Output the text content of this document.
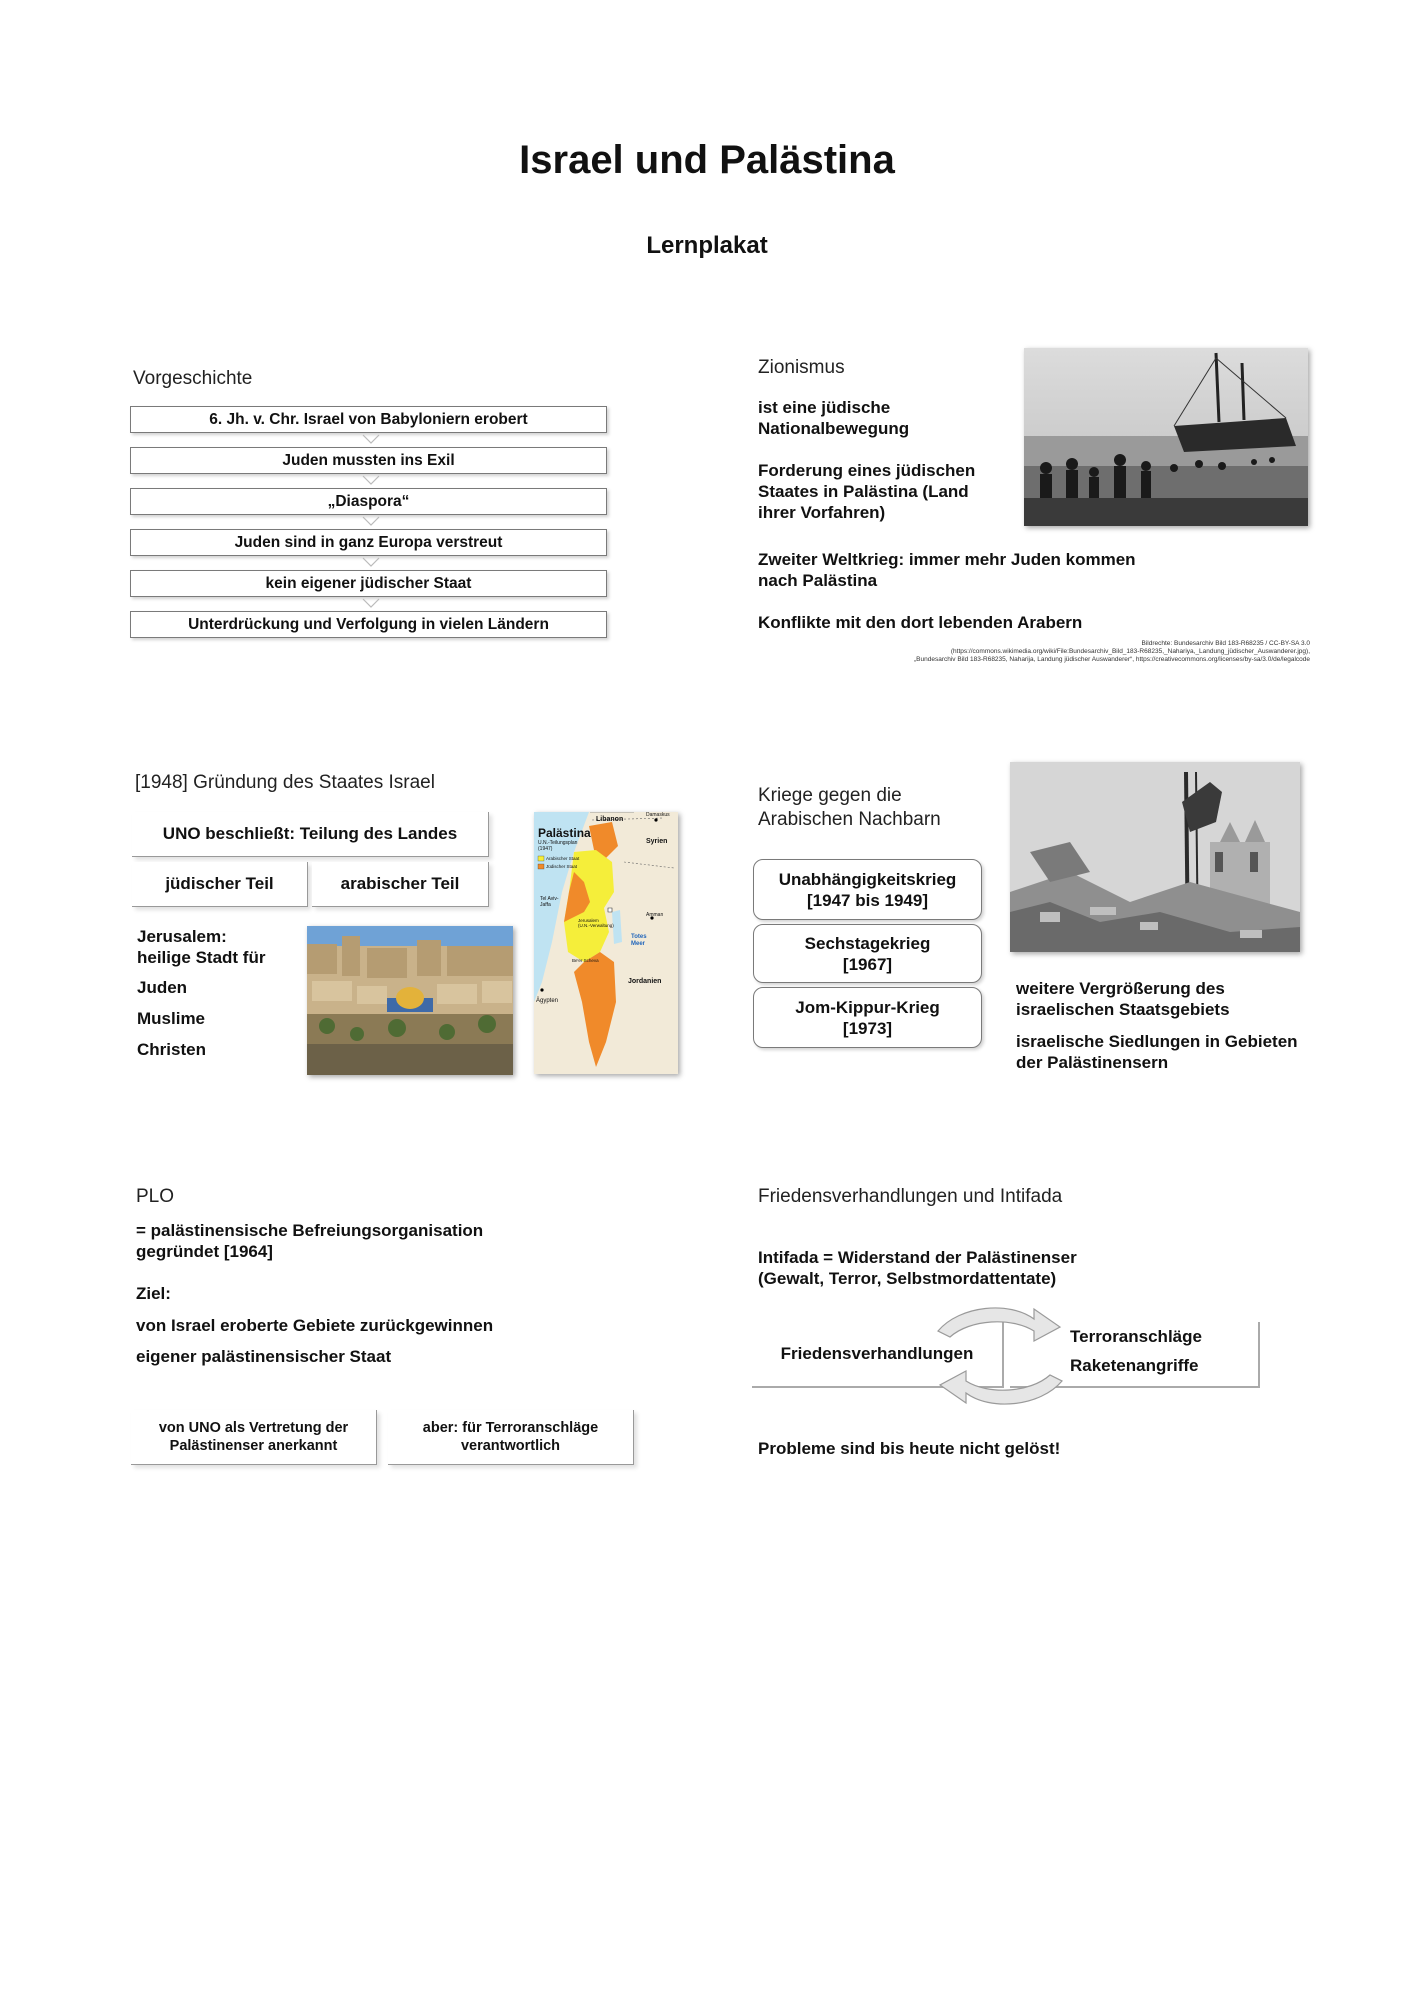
Israel und Palästina
Lernplakat
Vorgeschichte
6. Jh. v. Chr. Israel von Babyloniern erobert
Juden mussten ins Exil
„Diaspora“
Juden sind in ganz Europa verstreut
kein eigener jüdischer Staat
Unterdrückung und Verfolgung in vielen Ländern
Zionismus
ist eine jüdische Nationalbewegung
Forderung eines jüdischen Staates in Palästina (Land ihrer Vorfahren)
Zweiter Weltkrieg: immer mehr Juden kommen nach Palästina
Konflikte mit den dort lebenden Arabern
Bildrechte: Bundesarchiv Bild 183-R68235 / CC-BY-SA 3.0
(https://commons.wikimedia.org/wiki/File:Bundesarchiv_Bild_183-R68235,_Nahariya,_Landung_jüdischer_Auswanderer.jpg),
„Bundesarchiv Bild 183-R68235, Naharija, Landung jüdischer Auswanderer“, https://creativecommons.org/licenses/by-sa/3.0/de/legalcode
[1948] Gründung des Staates Israel
UNO beschließt: Teilung des Landes
jüdischer Teil	arabischer Teil
Jerusalem:
heilige Stadt für
Juden
Muslime
Christen
Palästina
U.N.-Teilungsplan
(1947)
Arabischer Staat
Jüdischer Staat
Libanon
Damaskus
Syrien
Amman
Tel Aviv-
Jaffa
Jerusalem
(U.N.-Verwaltung)
Totes
Meer
Be'er Scheva
Jordanien
Ägypten
Kriege gegen die
Arabischen Nachbarn
Unabhängigkeitskrieg
[1947 bis 1949]
Sechstagekrieg
[1967]
Jom-Kippur-Krieg
[1973]
weitere Vergrößerung des israelischen Staatsgebiets
israelische Siedlungen in Gebieten der Palästinensern
PLO
= palästinensische Befreiungsorganisation gegründet [1964]
Ziel:
von Israel eroberte Gebiete zurückgewinnen
eigener palästinensischer Staat
von UNO als Vertretung der Palästinenser anerkannt
aber: für Terroranschläge verantwortlich
Friedensverhandlungen und Intifada
Intifada = Widerstand der Palästinenser (Gewalt, Terror, Selbstmordattentate)
Friedensverhandlungen
Terroranschläge
Raketenangriffe
Probleme sind bis heute nicht gelöst!
